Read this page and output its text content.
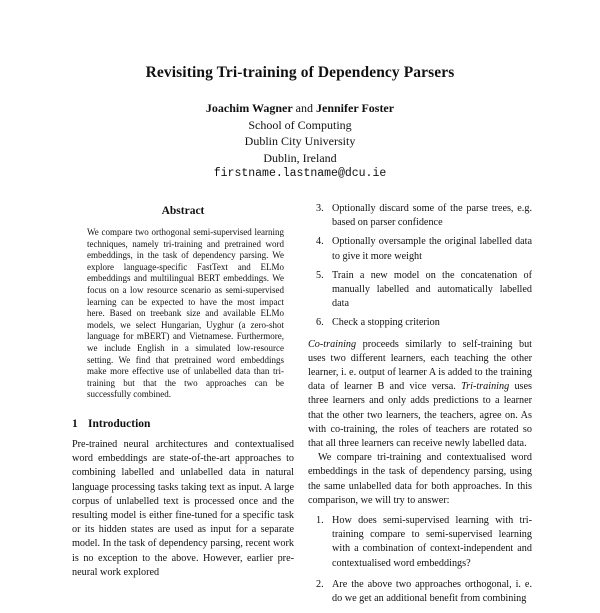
Revisiting Tri-training of Dependency Parsers
Joachim Wagner and Jennifer Foster
School of Computing
Dublin City University
Dublin, Ireland
firstname.lastname@dcu.ie
Abstract
We compare two orthogonal semi-supervised learning techniques, namely tri-training and pretrained word embeddings, in the task of dependency parsing. We explore language-specific FastText and ELMo embeddings and multilingual BERT embeddings. We focus on a low resource scenario as semi-supervised learning can be expected to have the most impact here. Based on treebank size and available ELMo models, we select Hungarian, Uyghur (a zero-shot language for mBERT) and Vietnamese. Furthermore, we include English in a simulated low-resource setting. We find that pretrained word embeddings make more effective use of unlabelled data than tri-training but that the two approaches can be successfully combined.
1 Introduction
Pre-trained neural architectures and contextualised word embeddings are state-of-the-art approaches to combining labelled and unlabelled data in natural language processing tasks taking text as input. A large corpus of unlabelled text is processed once and the resulting model is either fine-tuned for a specific task or its hidden states are used as input for a separate model. In the task of dependency parsing, recent work is no exception to the above. However, earlier pre-neural work explored
3. Optionally discard some of the parse trees, e.g. based on parser confidence
4. Optionally oversample the original labelled data to give it more weight
5. Train a new model on the concatenation of manually labelled and automatically labelled data
6. Check a stopping criterion

Co-training proceeds similarly to self-training but uses two different learners, each teaching the other learner, i. e. output of learner A is added to the training data of learner B and vice versa. Tri-training uses three learners and only adds predictions to a learner that the other two learners, the teachers, agree on. As with co-training, the roles of teachers are rotated so that all three learners can receive newly labelled data.

We compare tri-training and contextualised word embeddings in the task of dependency parsing, using the same unlabelled data for both approaches. In this comparison, we will try to answer:

1. How does semi-supervised learning with tri-training compare to semi-supervised learning with a combination of context-independent and contextualised word embeddings?
2. Are the above two approaches orthogonal, i. e. do we get an additional benefit from combining
